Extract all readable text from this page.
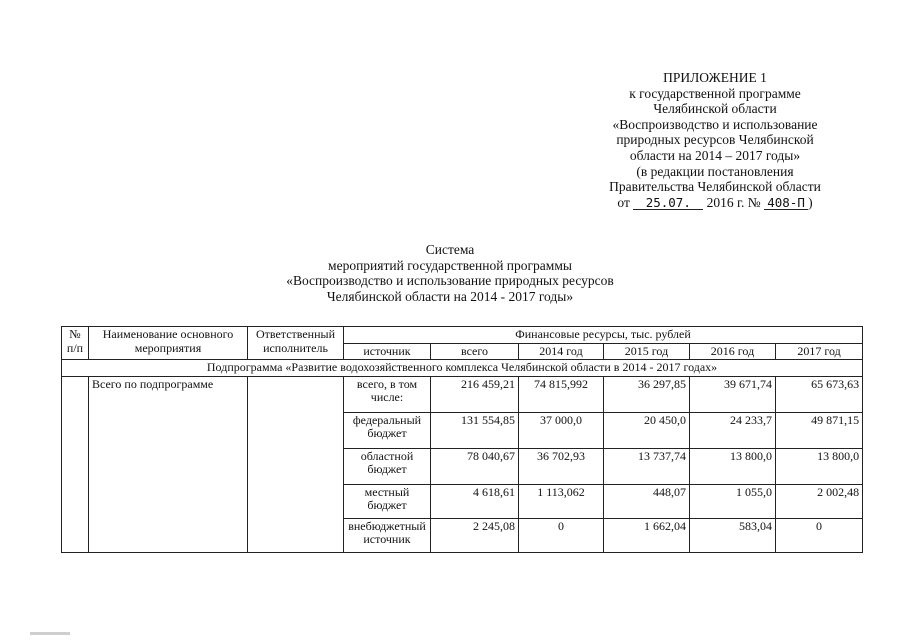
ПРИЛОЖЕНИЕ 1
к государственной программе
Челябинской области
«Воспроизводство и использование
природных ресурсов Челябинской
области на 2014 – 2017 годы»
(в редакции постановления
Правительства Челябинской области
от 25.07. 2016 г. № 408-П )
Система
мероприятий государственной программы
«Воспроизводство и использование природных ресурсов
Челябинской области на 2014 - 2017 годы»
№ п/п	Наименование основного мероприятия	Ответственный исполнитель	Финансовые ресурсы, тыс. рублей					
			источник	всего	2014 год	2015 год	2016 год	2017 год
Подпрограмма «Развитие водохозяйственного комплекса Челябинской области в 2014 - 2017 годах»								
	Всего по подпрограмме		всего, в том числе:	216 459,21	74 815,992	36 297,85	39 671,74	65 673,63
			федеральный бюджет	131 554,85	37 000,0	20 450,0	24 233,7	49 871,15
			областной бюджет	78 040,67	36 702,93	13 737,74	13 800,0	13 800,0
			местный бюджет	4 618,61	1 113,062	448,07	1 055,0	2 002,48
			внебюджетный источник	2 245,08	0	1 662,04	583,04	0
